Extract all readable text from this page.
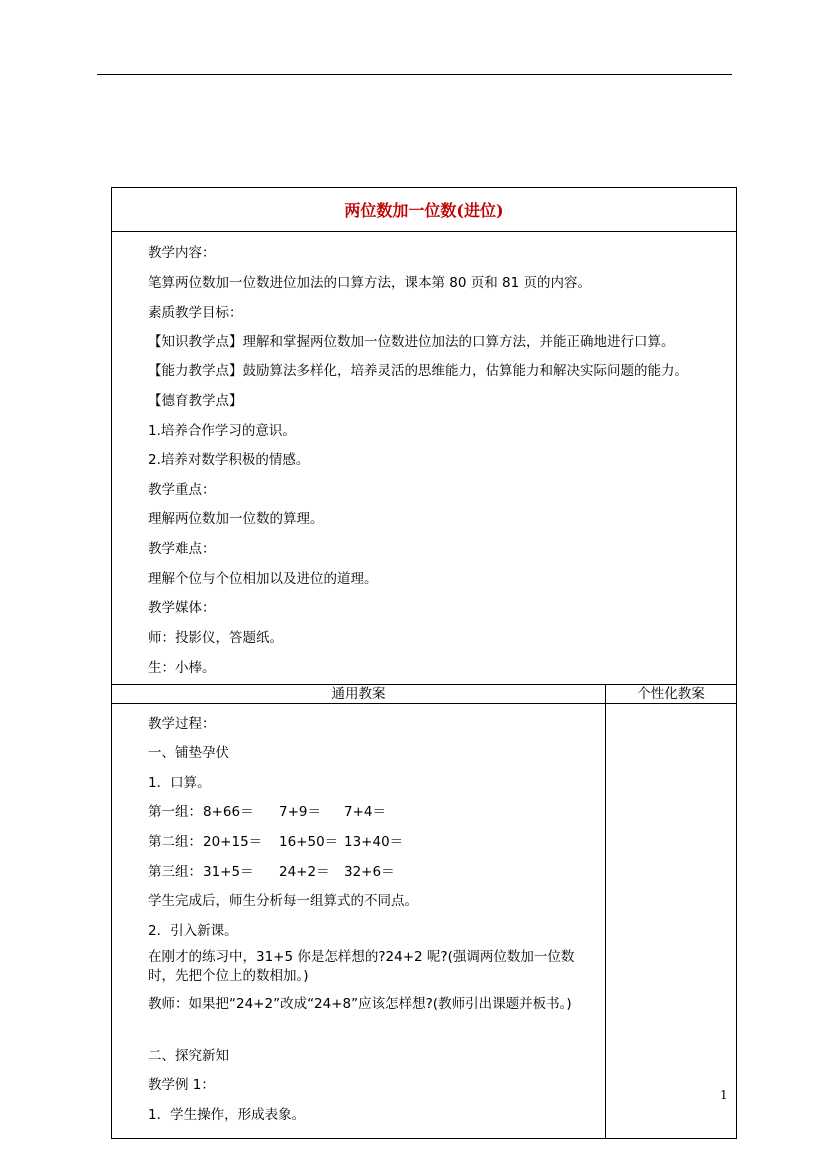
两位数加一位数(进位)
教学内容：
笔算两位数加一位数进位加法的口算方法，课本第 80 页和 81 页的内容。
素质教学目标：
【知识教学点】理解和掌握两位数加一位数进位加法的口算方法，并能正确地进行口算。
【能力教学点】鼓励算法多样化，培养灵活的思维能力，估算能力和解决实际问题的能力。
【德育教学点】
1.培养合作学习的意识。
2.培养对数学积极的情感。
教学重点：
理解两位数加一位数的算理。
教学难点：
理解个位与个位相加以及进位的道理。
教学媒体：
师：投影仪，答题纸。
生：小棒。
通用教案	个性化教案
教学过程：
一、铺垫孕伏
1．口算。
第一组： 8+66＝ 7+9＝ 7+4＝
第二组： 20+15＝ 16+50＝ 13+40＝
第三组： 31+5＝ 24+2＝ 32+6＝
学生完成后，师生分析每一组算式的不同点。
2．引入新课。
在刚才的练习中，31+5 你是怎样想的?24+2 呢?(强调两位数加一位数时，先把个位上的数相加。)
教师：如果把“24+2”改成“24+8”应该怎样想?(教师引出课题并板书。)
二、探究新知
教学例 1：
1．学生操作，形成表象。
1
